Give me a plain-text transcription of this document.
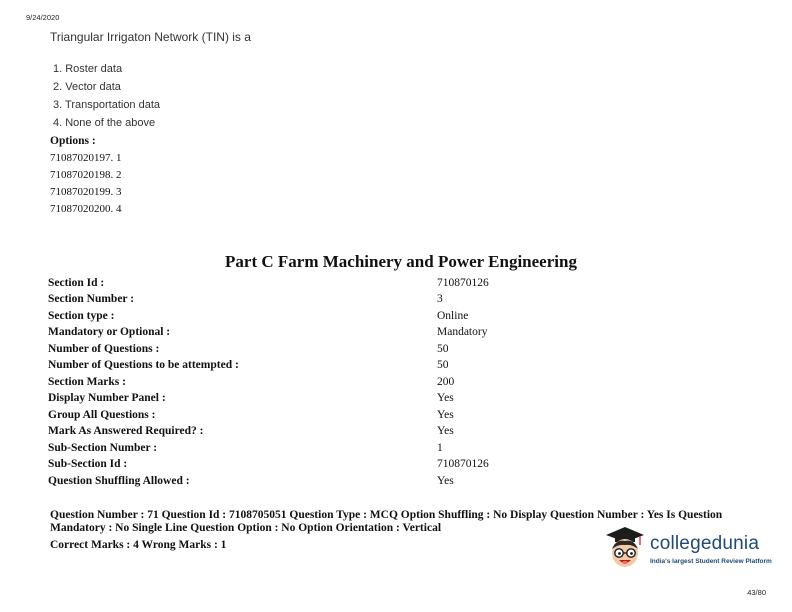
9/24/2020
Triangular Irrigaton Network (TIN) is a
1. Roster data
2. Vector data
3. Transportation data
4. None of the above
Options :
71087020197. 1
71087020198. 2
71087020199. 3
71087020200. 4
Part C Farm Machinery and Power Engineering
Section Id :	710870126
Section Number :	3
Section type :	Online
Mandatory or Optional :	Mandatory
Number of Questions :	50
Number of Questions to be attempted :	50
Section Marks :	200
Display Number Panel :	Yes
Group All Questions :	Yes
Mark As Answered Required? :	Yes
Sub-Section Number :	1
Sub-Section Id :	710870126
Question Shuffling Allowed :	Yes
Question Number : 71 Question Id : 7108705051 Question Type : MCQ Option Shuffling : No Display Question Number : Yes Is Question Mandatory : No Single Line Question Option : No Option Orientation : Vertical
Correct Marks : 4 Wrong Marks : 1	collegedunia
India's largest Student Review Platform
43/80
